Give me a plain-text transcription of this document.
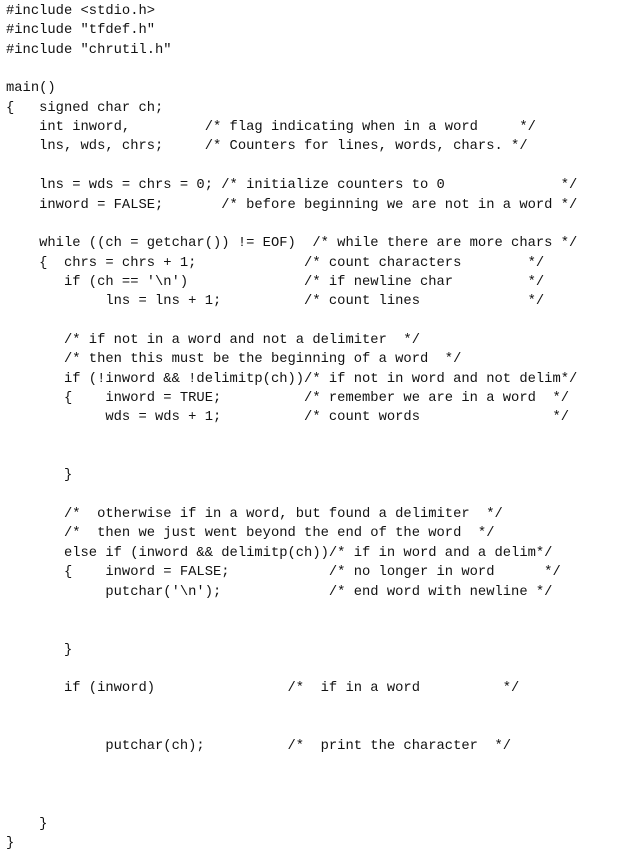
#include <stdio.h>
#include "tfdef.h"
#include "chrutil.h"
main()
{   signed char ch;
int inword,         /* flag indicating when in a word     */
lns, wds, chrs;     /* Counters for lines, words, chars. */
lns = wds = chrs = 0; /* initialize counters to 0              */
inword = FALSE;       /* before beginning we are not in a word */
while ((ch = getchar()) != EOF)  /* while there are more chars */
{  chrs = chrs + 1;             /* count characters        */
if (ch == '\n')              /* if newline char         */
lns = lns + 1;          /* count lines             */
/* if not in a word and not a delimiter  */
/* then this must be the beginning of a word  */
if (!inword && !delimitp(ch))/* if not in word and not delim*/
{    inword = TRUE;          /* remember we are in a word  */
wds = wds + 1;          /* count words                */
}
/*  otherwise if in a word, but found a delimiter  */
/*  then we just went beyond the end of the word  */
else if (inword && delimitp(ch))/* if in word and a delim*/
{    inword = FALSE;            /* no longer in word      */
putchar('\n');             /* end word with newline */
}
if (inword)                /*  if in a word          */
putchar(ch);          /*  print the character  */
}
}
